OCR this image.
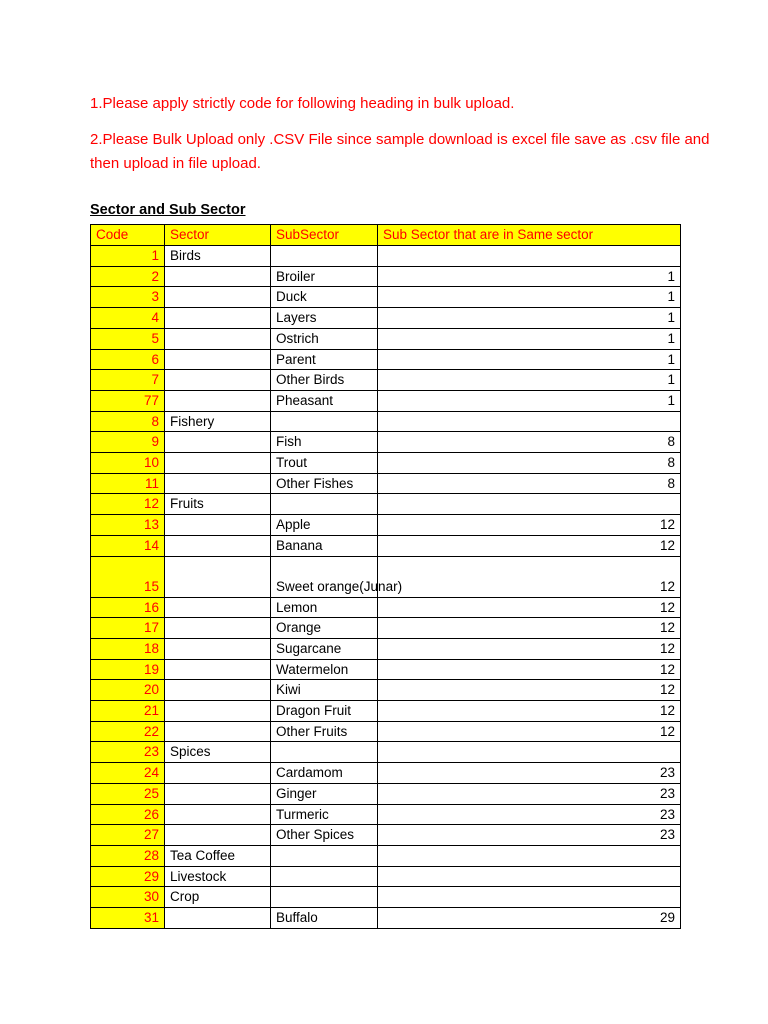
1.Please apply strictly code for following heading in bulk upload.
2.Please Bulk Upload only .CSV File since sample download is excel file save as .csv file and then upload in file upload.
Sector and Sub Sector
Code	Sector	SubSector	Sub Sector that are in Same sector
1	Birds		
2		Broiler	1
3		Duck	1
4		Layers	1
5		Ostrich	1
6		Parent	1
7		Other Birds	1
77		Pheasant	1
8	Fishery		
9		Fish	8
10		Trout	8
11		Other Fishes	8
12	Fruits		
13		Apple	12
14		Banana	12
15		Sweet orange(Junar)	12
16		Lemon	12
17		Orange	12
18		Sugarcane	12
19		Watermelon	12
20		Kiwi	12
21		Dragon Fruit	12
22		Other Fruits	12
23	Spices		
24		Cardamom	23
25		Ginger	23
26		Turmeric	23
27		Other Spices	23
28	Tea Coffee		
29	Livestock		
30	Crop		
31		Buffalo	29
